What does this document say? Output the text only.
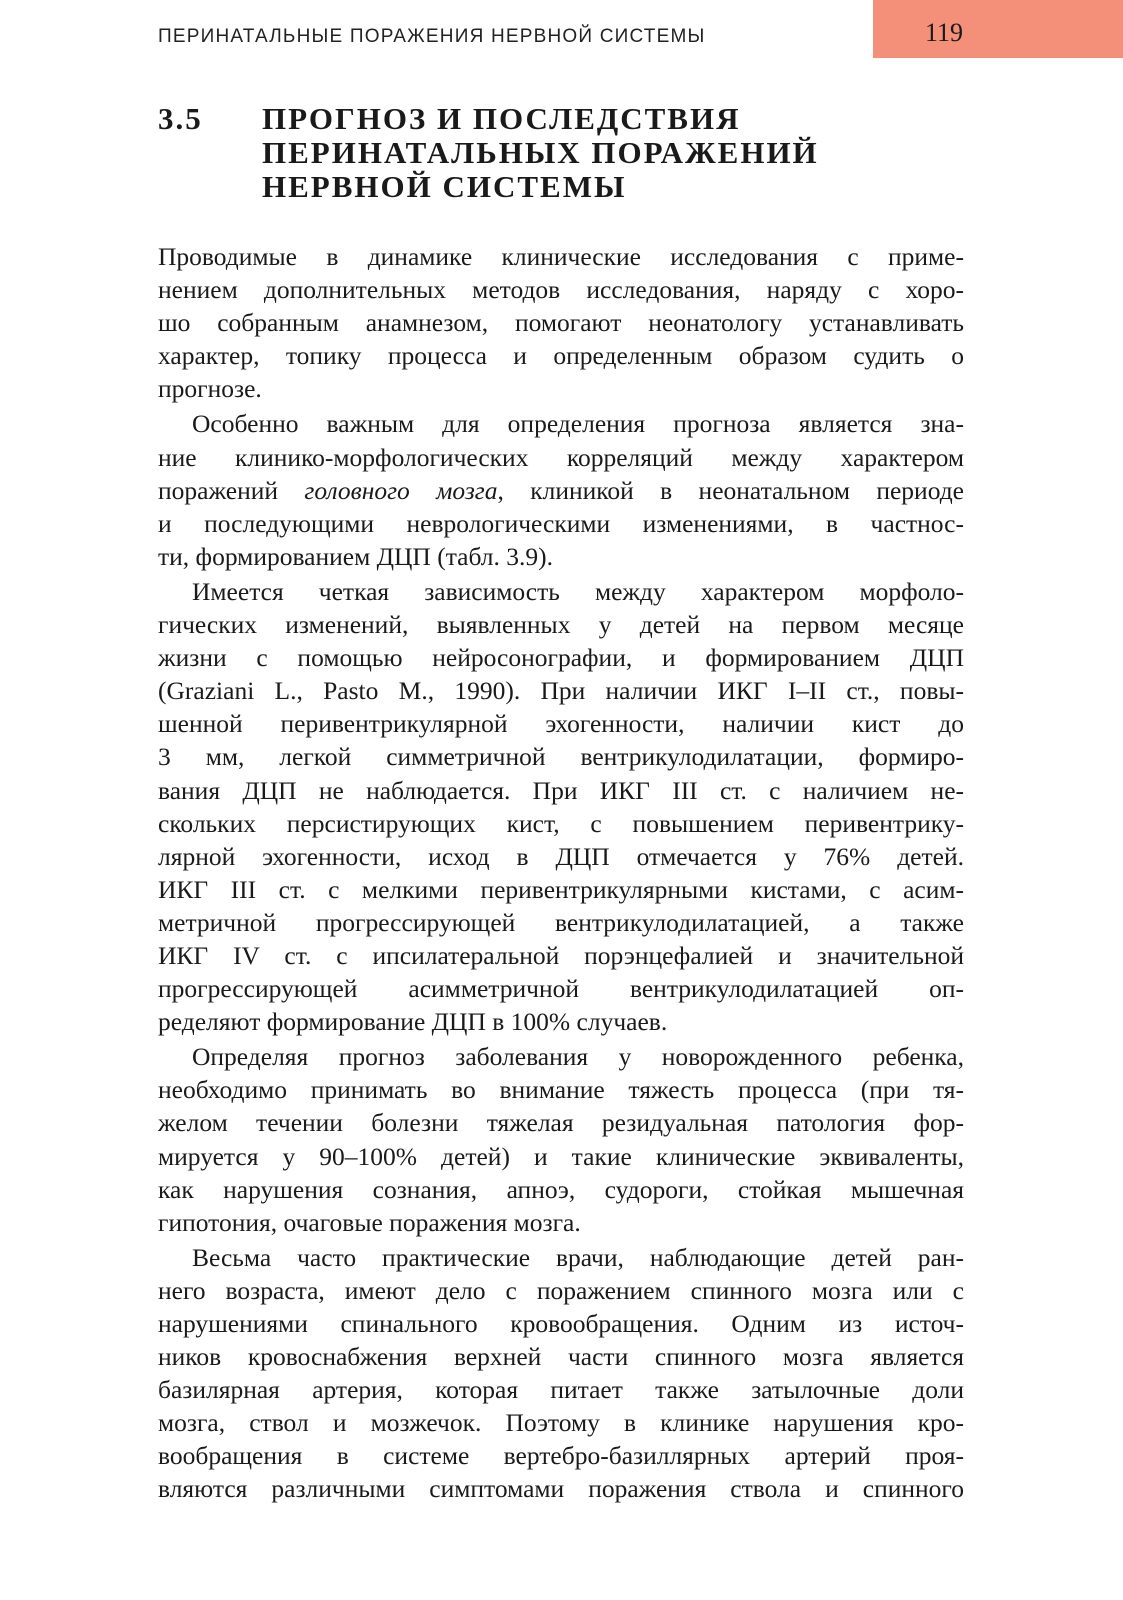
ПЕРИНАТАЛЬНЫЕ ПОРАЖЕНИЯ НЕРВНОЙ СИСТЕМЫ	119
3.5	ПРОГНОЗ И ПОСЛЕДСТВИЯ
ПЕРИНАТАЛЬНЫХ ПОРАЖЕНИЙ
НЕРВНОЙ СИСТЕМЫ
Проводимые в динамике клинические исследования с приме-
нением дополнительных методов исследования, наряду с хоро-
шо собранным анамнезом, помогают неонатологу устанавливать
характер, топику процесса и определенным образом судить о
прогнозе.
Особенно важным для определения прогноза является зна-
ние клинико-морфологических корреляций между характером
поражений головного мозга, клиникой в неонатальном периоде
и последующими неврологическими изменениями, в частнос-
ти, формированием ДЦП (табл. 3.9).
Имеется четкая зависимость между характером морфоло-
гических изменений, выявленных у детей на первом месяце
жизни с помощью нейросонографии, и формированием ДЦП
(Graziani L., Pasto M., 1990). При наличии ИКГ I–II ст., повы-
шенной перивентрикулярной эхогенности, наличии кист до
3 мм, легкой симметричной вентрикулодилатации, формиро-
вания ДЦП не наблюдается. При ИКГ III ст. с наличием не-
скольких персистирующих кист, с повышением перивентрику-
лярной эхогенности, исход в ДЦП отмечается у 76% детей.
ИКГ III ст. с мелкими перивентрикулярными кистами, с асим-
метричной прогрессирующей вентрикулодилатацией, а также
ИКГ IV ст. с ипсилатеральной порэнцефалией и значительной
прогрессирующей асимметричной вентрикулодилатацией оп-
ределяют формирование ДЦП в 100% случаев.
Определяя прогноз заболевания у новорожденного ребенка,
необходимо принимать во внимание тяжесть процесса (при тя-
желом течении болезни тяжелая резидуальная патология фор-
мируется у 90–100% детей) и такие клинические эквиваленты,
как нарушения сознания, апноэ, судороги, стойкая мышечная
гипотония, очаговые поражения мозга.
Весьма часто практические врачи, наблюдающие детей ран-
него возраста, имеют дело с поражением спинного мозга или с
нарушениями спинального кровообращения. Одним из источ-
ников кровоснабжения верхней части спинного мозга является
базилярная артерия, которая питает также затылочные доли
мозга, ствол и мозжечок. Поэтому в клинике нарушения кро-
вообращения в системе вертебро-базиллярных артерий проя-
вляются различными симптомами поражения ствола и спинного
